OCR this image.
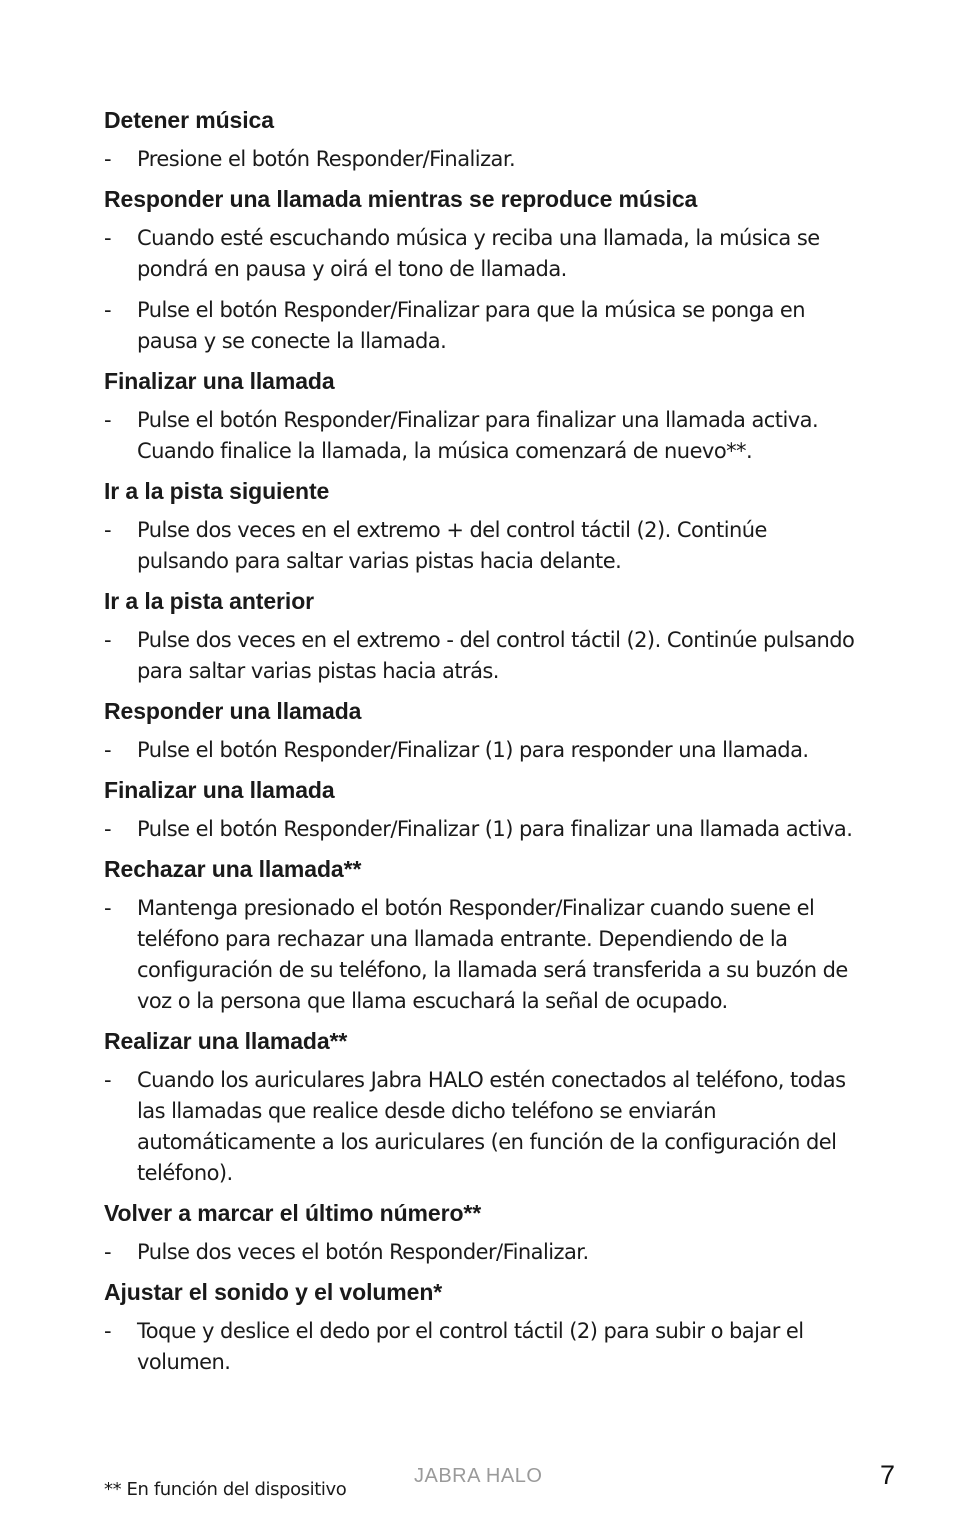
Detener música
- Presione el botón Responder/Finalizar.
Responder una llamada mientras se reproduce música
- Cuando esté escuchando música y reciba una llamada, la música se pondrá en pausa y oirá el tono de llamada.
- Pulse el botón Responder/Finalizar para que la música se ponga en pausa y se conecte la llamada.
Finalizar una llamada
- Pulse el botón Responder/Finalizar para finalizar una llamada activa. Cuando finalice la llamada, la música comenzará de nuevo**.
Ir a la pista siguiente
- Pulse dos veces en el extremo + del control táctil (2). Continúe pulsando para saltar varias pistas hacia delante.
Ir a la pista anterior
- Pulse dos veces en el extremo - del control táctil (2). Continúe pulsando para saltar varias pistas hacia atrás.
Responder una llamada
- Pulse el botón Responder/Finalizar (1) para responder una llamada.
Finalizar una llamada
- Pulse el botón Responder/Finalizar (1) para finalizar una llamada activa.
Rechazar una llamada**
- Mantenga presionado el botón Responder/Finalizar cuando suene el teléfono para rechazar una llamada entrante. Dependiendo de la configuración de su teléfono, la llamada será transferida a su buzón de voz o la persona que llama escuchará la señal de ocupado.
Realizar una llamada**
- Cuando los auriculares Jabra HALO estén conectados al teléfono, todas las llamadas que realice desde dicho teléfono se enviarán automáticamente a los auriculares (en función de la configuración del teléfono).
Volver a marcar el último número**
- Pulse dos veces el botón Responder/Finalizar.
Ajustar el sonido y el volumen*
- Toque y deslice el dedo por el control táctil (2) para subir o bajar el volumen.
** En función del dispositivo
JABRA HALO	7
